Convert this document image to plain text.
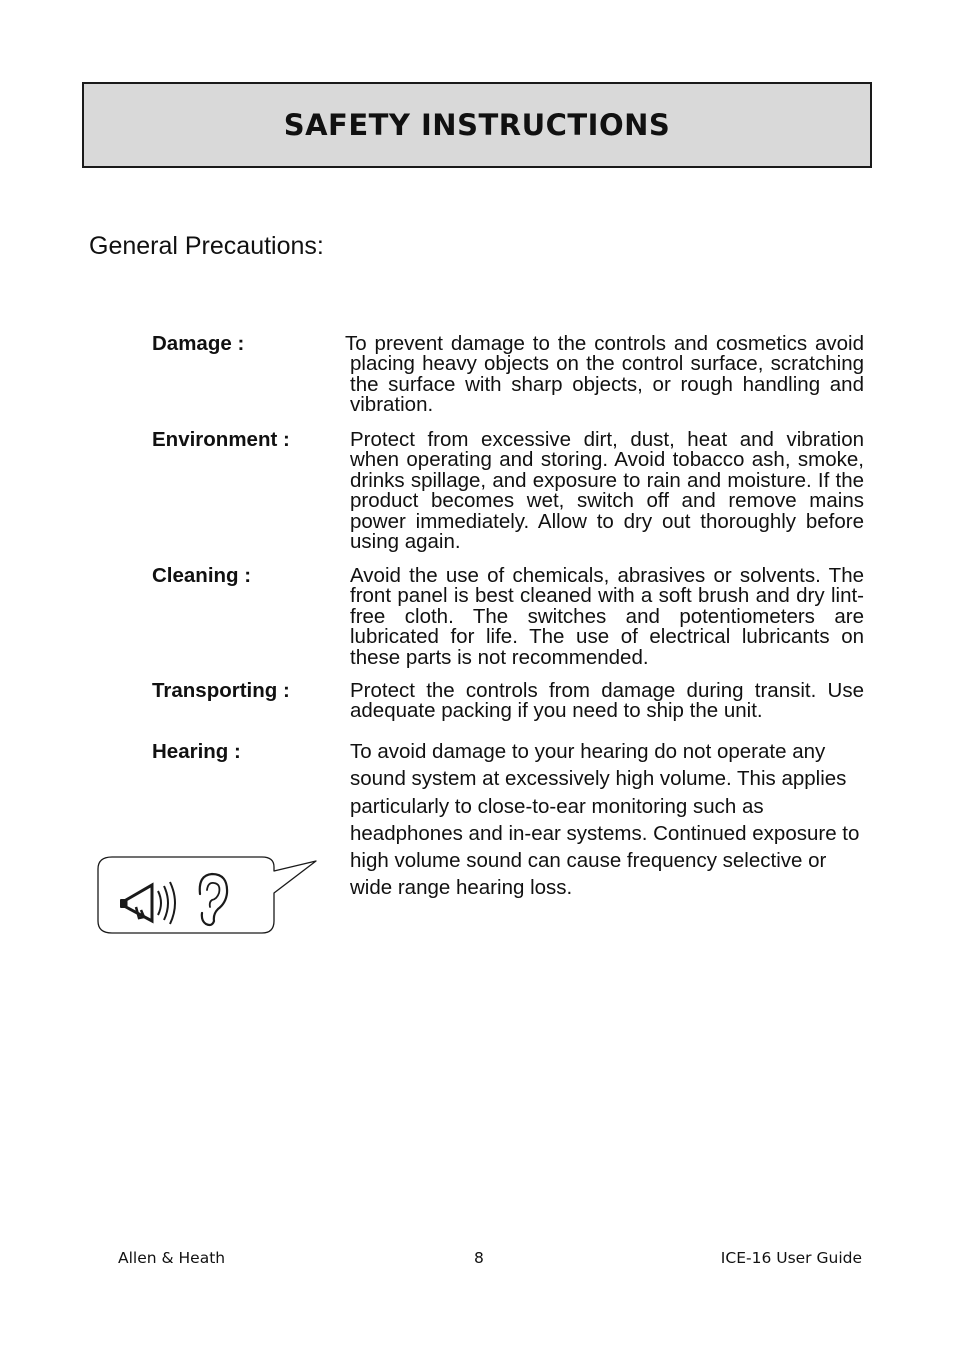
SAFETY INSTRUCTIONS
General Precautions:
Damage :	To prevent damage to the controls and cosmetics avoid placing heavy objects on the control surface, scratching the surface with sharp objects, or rough handling and vibration.
Environment :	Protect from excessive dirt, dust, heat and vibration when operating and storing. Avoid tobacco ash, smoke, drinks spillage, and exposure to rain and moisture. If the product becomes wet, switch off and remove mains power immediately. Allow to dry out thoroughly before using again.
Cleaning :	Avoid the use of chemicals, abrasives or solvents. The front panel is best cleaned with a soft brush and dry lint-free cloth. The switches and potentiometers are lubricated for life. The use of electrical lubricants on these parts is not recommended.
Transporting :	Protect the controls from damage during transit. Use adequate packing if you need to ship the unit.
Hearing :	To avoid damage to your hearing do not operate any sound system at excessively high volume. This applies particularly to close-to-ear monitoring such as headphones and in-ear systems. Continued exposure to high volume sound can cause frequency selective or wide range hearing loss.
Allen & Heath	8	ICE-16 User Guide
